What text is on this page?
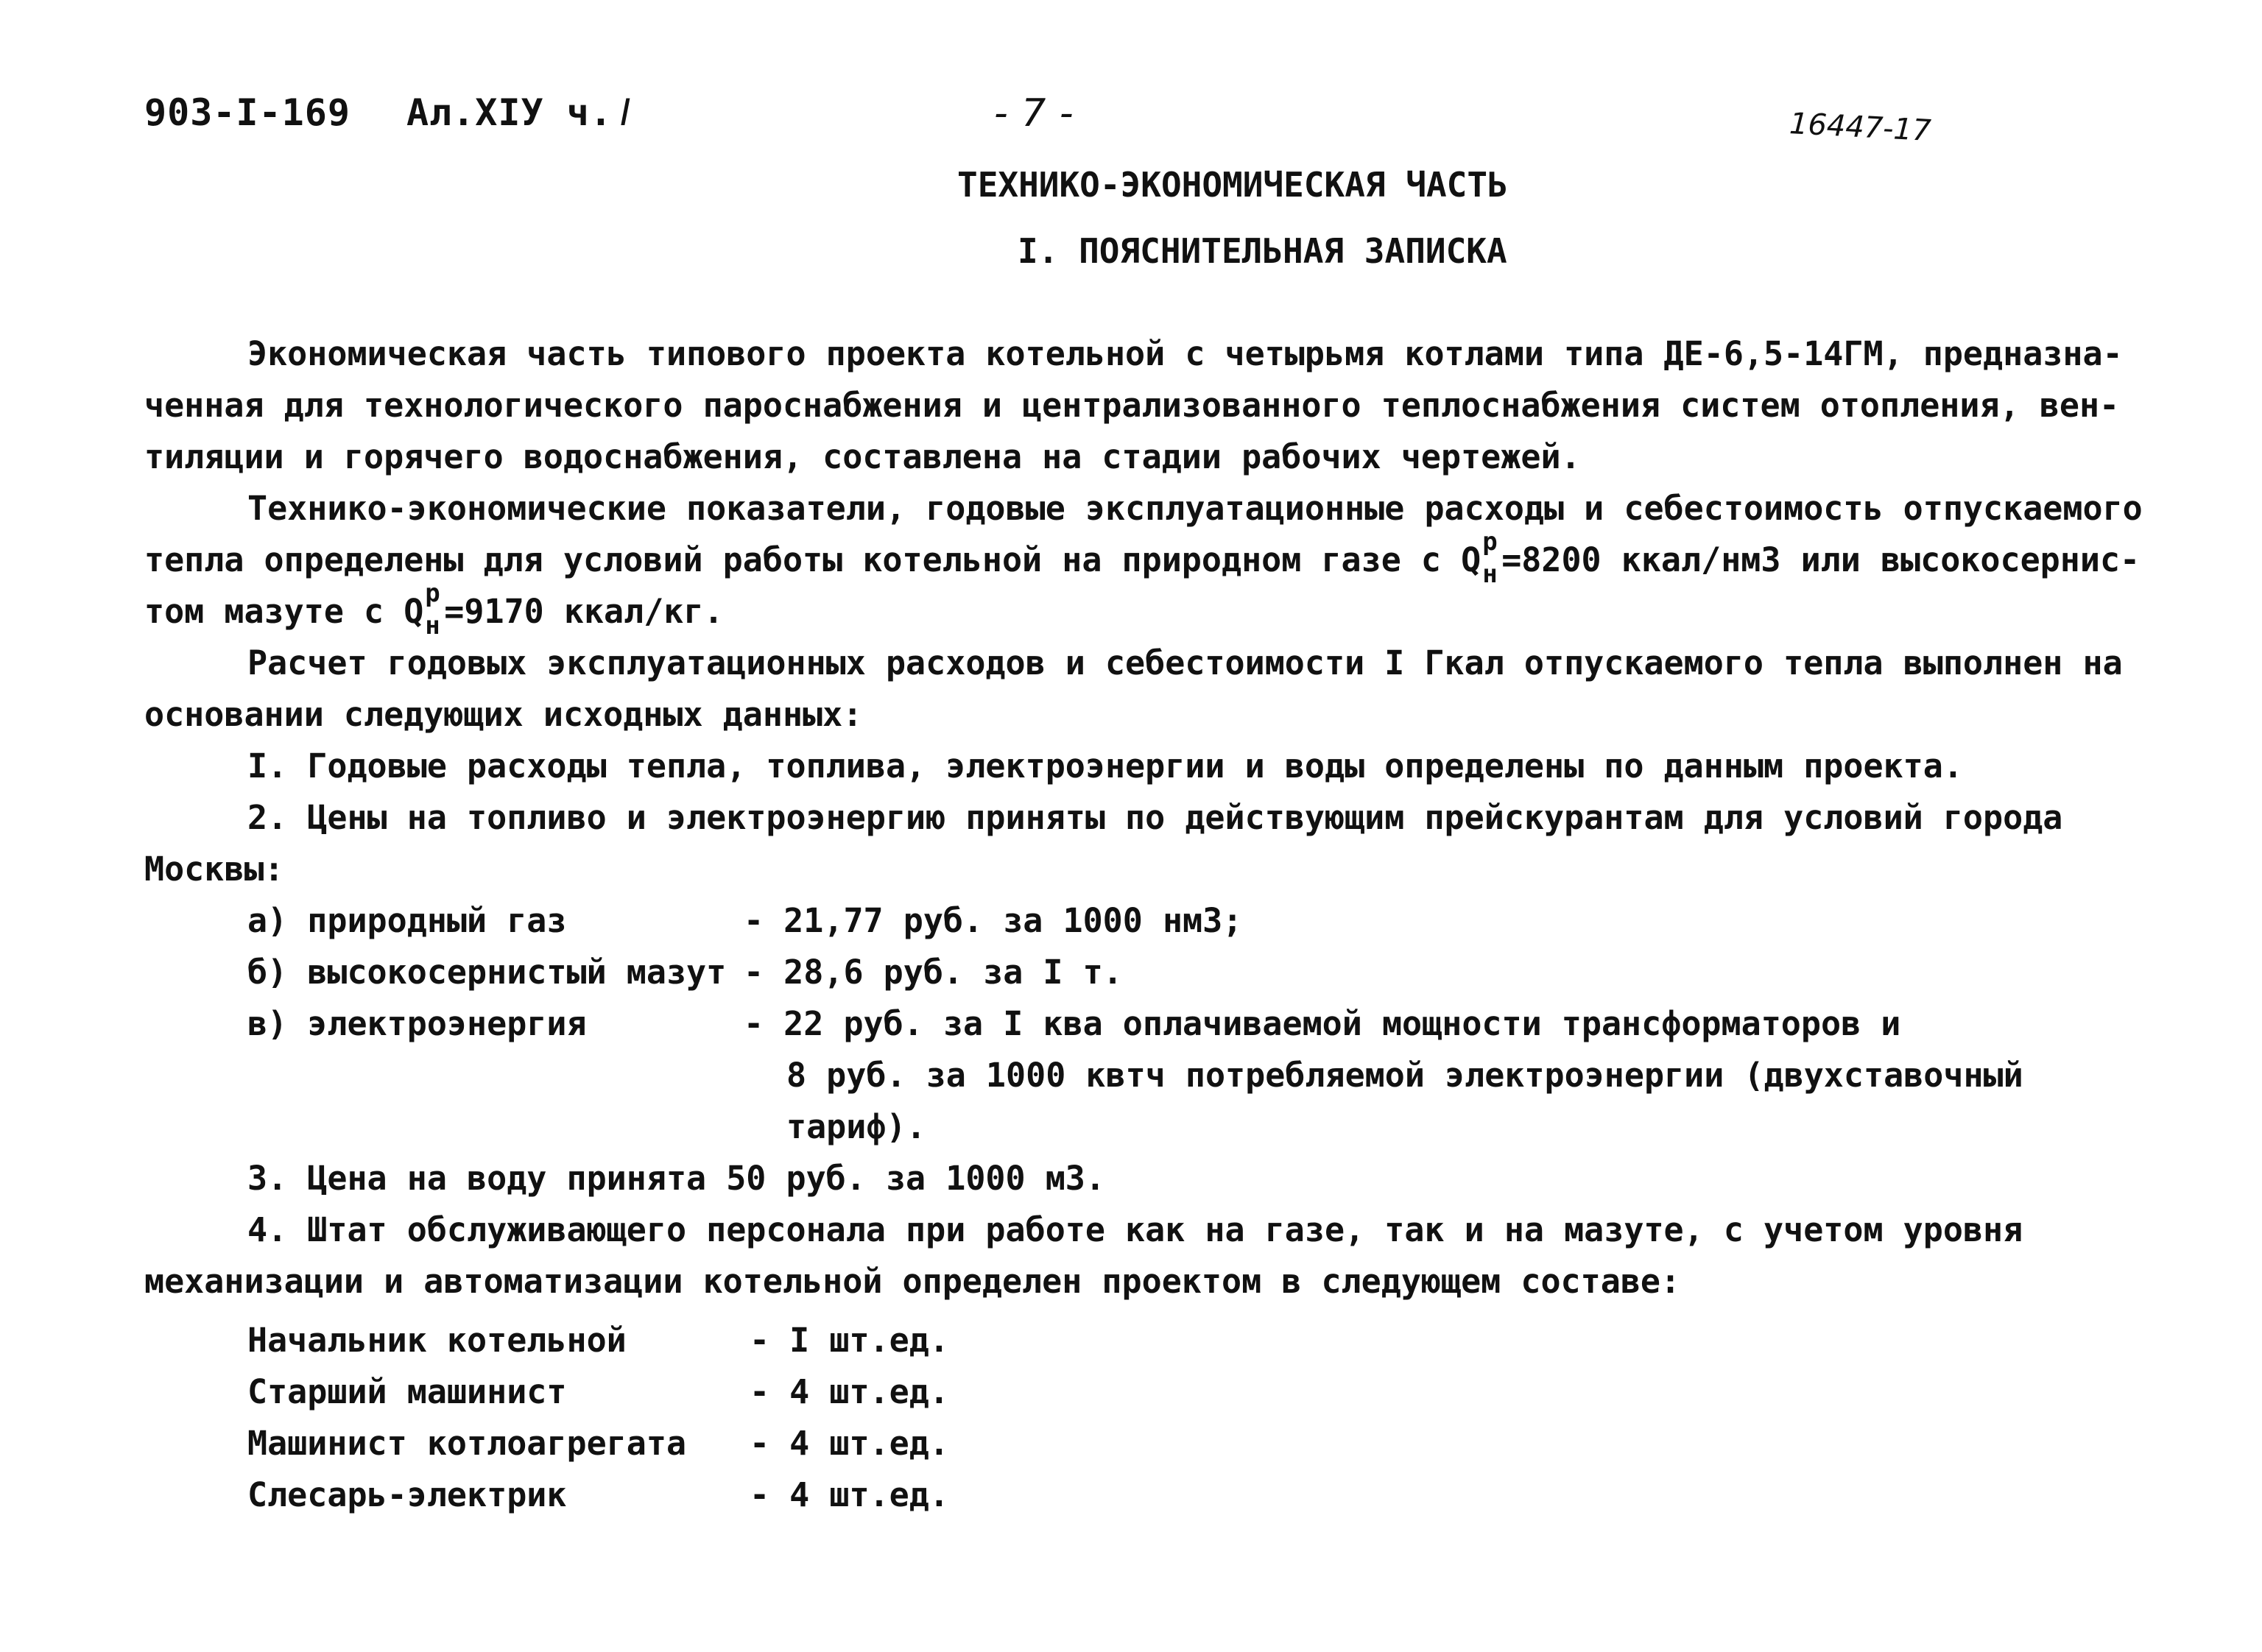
903-I-169 Ал.XIУ ч. I	- 7 -	16447-17
ТЕХНИКО-ЭКОНОМИЧЕСКАЯ ЧАСТЬ
I. ПОЯСНИТЕЛЬНАЯ ЗАПИСКА
Экономическая часть типового проекта котельной с четырьмя котлами типа ДЕ-6,5-14ГМ, предназна-
ченная для технологического пароснабжения и централизованного теплоснабжения систем отопления, вен-
тиляции и горячего водоснабжения, составлена на стадии рабочих чертежей.
Технико-экономические показатели, годовые эксплуатационные расходы и себестоимость отпускаемого
тепла определены для условий работы котельной на природном газе с Q р
н =8200 ккал/нм3 или высокосернис-
том мазуте с Q р
н =9170 ккал/кг.
Расчет годовых эксплуатационных расходов и себестоимости I Гкал отпускаемого тепла выполнен на
основании следующих исходных данных:
I. Годовые расходы тепла, топлива, электроэнергии и воды определены по данным проекта.
2. Цены на топливо и электроэнергию приняты по действующим прейскурантам для условий города
Москвы:
а) природный газ	- 21,77 руб. за 1000 нм3;
б) высокосернистый мазут - 28,6 руб. за I т.
в) электроэнергия	- 22 руб. за I ква оплачиваемой мощности трансформаторов и
8 руб. за 1000 квтч потребляемой электроэнергии (двухставочный
тариф).
3. Цена на воду принята 50 руб. за 1000 м3.
4. Штат обслуживающего персонала при работе как на газе, так и на мазуте, с учетом уровня
механизации и автоматизации котельной определен проектом в следующем составе:
Начальник котельной	- I шт.ед.
Старший машинист	- 4 шт.ед.
Машинист котлоагрегата - 4 шт.ед.
Слесарь-электрик	- 4 шт.ед.
